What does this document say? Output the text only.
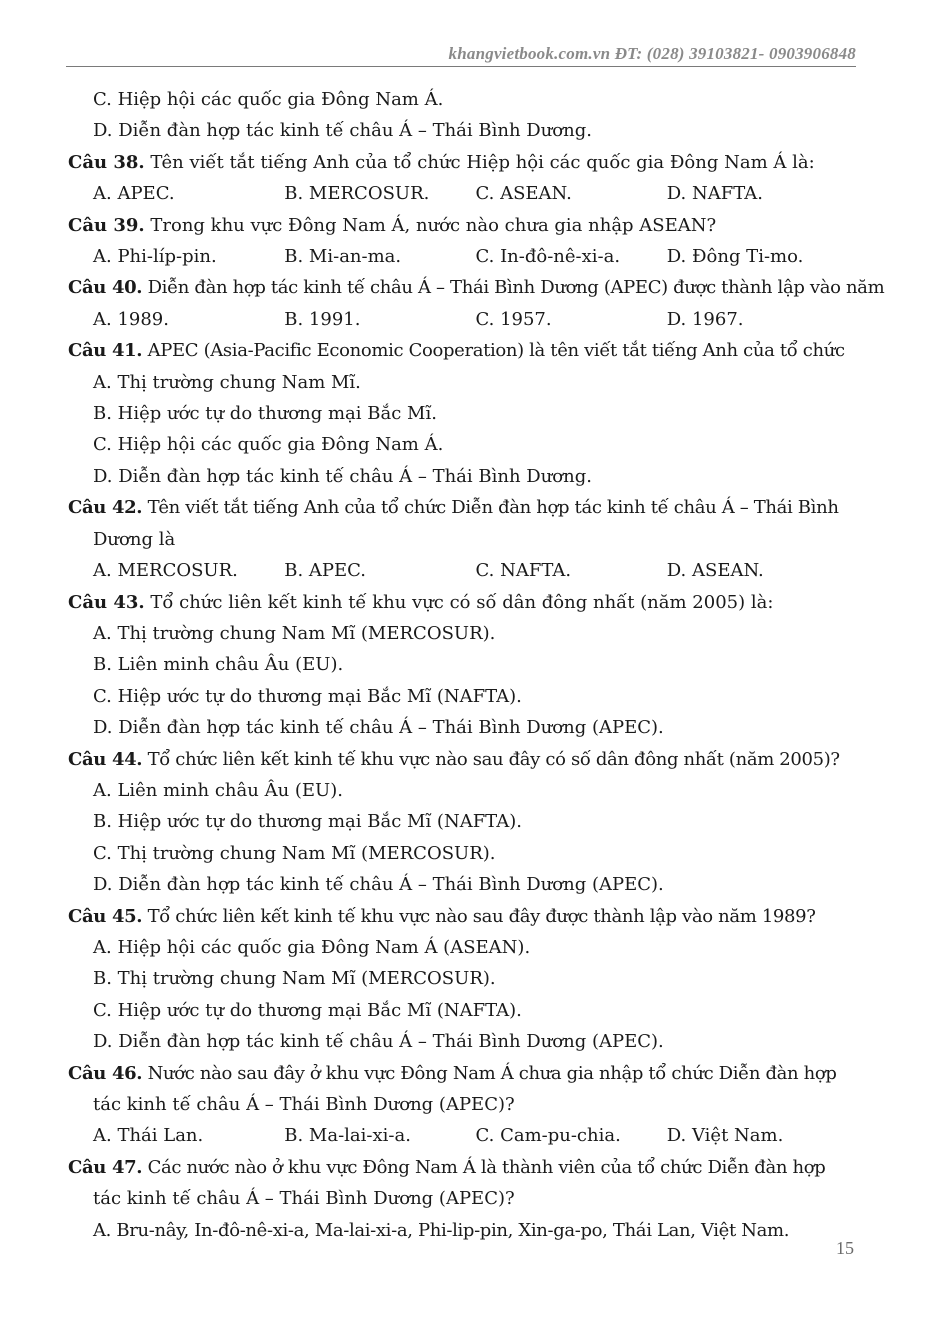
khangvietbook.com.vn ĐT: (028) 39103821- 0903906848
C. Hiệp hội các quốc gia Đông Nam Á.
D. Diễn đàn hợp tác kinh tế châu Á – Thái Bình Dương.
Câu 38. Tên viết tắt tiếng Anh của tổ chức Hiệp hội các quốc gia Đông Nam Á là:
A. APEC.	B. MERCOSUR.	C. ASEAN.	D. NAFTA.
Câu 39. Trong khu vực Đông Nam Á, nước nào chưa gia nhập ASEAN?
A. Phi-líp-pin.	B. Mi-an-ma.	C. In-đô-nê-xi-a.	D. Đông Ti-mo.
Câu 40. Diễn đàn hợp tác kinh tế châu Á – Thái Bình Dương (APEC) được thành lập vào năm
A. 1989.	B. 1991.	C. 1957.	D. 1967.
Câu 41. APEC (Asia-Pacific Economic Cooperation) là tên viết tắt tiếng Anh của tổ chức
A. Thị trường chung Nam Mĩ.
B. Hiệp ước tự do thương mại Bắc Mĩ.
C. Hiệp hội các quốc gia Đông Nam Á.
D. Diễn đàn hợp tác kinh tế châu Á – Thái Bình Dương.
Câu 42. Tên viết tắt tiếng Anh của tổ chức Diễn đàn hợp tác kinh tế châu Á – Thái Bình
Dương là
A. MERCOSUR.	B. APEC.	C. NAFTA.	D. ASEAN.
Câu 43. Tổ chức liên kết kinh tế khu vực có số dân đông nhất (năm 2005) là:
A. Thị trường chung Nam Mĩ (MERCOSUR).
B. Liên minh châu Âu (EU).
C. Hiệp ước tự do thương mại Bắc Mĩ (NAFTA).
D. Diễn đàn hợp tác kinh tế châu Á – Thái Bình Dương (APEC).
Câu 44. Tổ chức liên kết kinh tế khu vực nào sau đây có số dân đông nhất (năm 2005)?
A. Liên minh châu Âu (EU).
B. Hiệp ước tự do thương mại Bắc Mĩ (NAFTA).
C. Thị trường chung Nam Mĩ (MERCOSUR).
D. Diễn đàn hợp tác kinh tế châu Á – Thái Bình Dương (APEC).
Câu 45. Tổ chức liên kết kinh tế khu vực nào sau đây được thành lập vào năm 1989?
A. Hiệp hội các quốc gia Đông Nam Á (ASEAN).
B. Thị trường chung Nam Mĩ (MERCOSUR).
C. Hiệp ước tự do thương mại Bắc Mĩ (NAFTA).
D. Diễn đàn hợp tác kinh tế châu Á – Thái Bình Dương (APEC).
Câu 46. Nước nào sau đây ở khu vực Đông Nam Á chưa gia nhập tổ chức Diễn đàn hợp
tác kinh tế châu Á – Thái Bình Dương (APEC)?
A. Thái Lan.	B. Ma-lai-xi-a.	C. Cam-pu-chia.	D. Việt Nam.
Câu 47. Các nước nào ở khu vực Đông Nam Á là thành viên của tổ chức Diễn đàn hợp
tác kinh tế châu Á – Thái Bình Dương (APEC)?
A. Bru-nây, In-đô-nê-xi-a, Ma-lai-xi-a, Phi-lip-pin, Xin-ga-po, Thái Lan, Việt Nam.
15
